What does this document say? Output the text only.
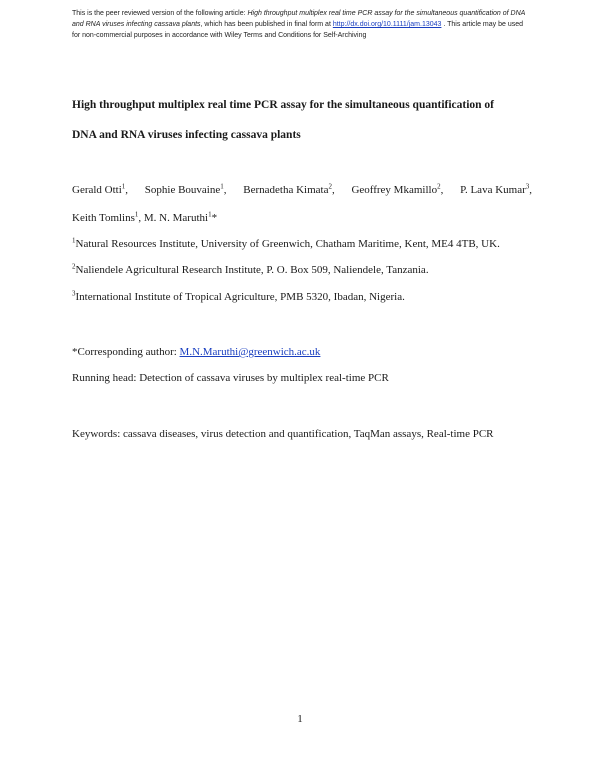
This is the peer reviewed version of the following article: High throughput multiplex real time PCR assay for the simultaneous quantification of DNA and RNA viruses infecting cassava plants, which has been published in final form at http://dx.doi.org/10.1111/jam.13043 . This article may be used for non-commercial purposes in accordance with Wiley Terms and Conditions for Self-Archiving
High throughput multiplex real time PCR assay for the simultaneous quantification of
DNA and RNA viruses infecting cassava plants
Gerald Otti$^1$, Sophie Bouvaine$^1$, Bernadetha Kimata$^2$, Geoffrey Mkamillo$^2$, P. Lava Kumar$^3$,
Keith Tomlins$^1$, M. N. Maruthi$^1$*
$^1$Natural Resources Institute, University of Greenwich, Chatham Maritime, Kent, ME4 4TB, UK.
$^2$Naliendele Agricultural Research Institute, P. O. Box 509, Naliendele, Tanzania.
$^3$International Institute of Tropical Agriculture, PMB 5320, Ibadan, Nigeria.
*Corresponding author: M.N.Maruthi@greenwich.ac.uk
Running head: Detection of cassava viruses by multiplex real-time PCR
Keywords: cassava diseases, virus detection and quantification, TaqMan assays, Real-time PCR
1
